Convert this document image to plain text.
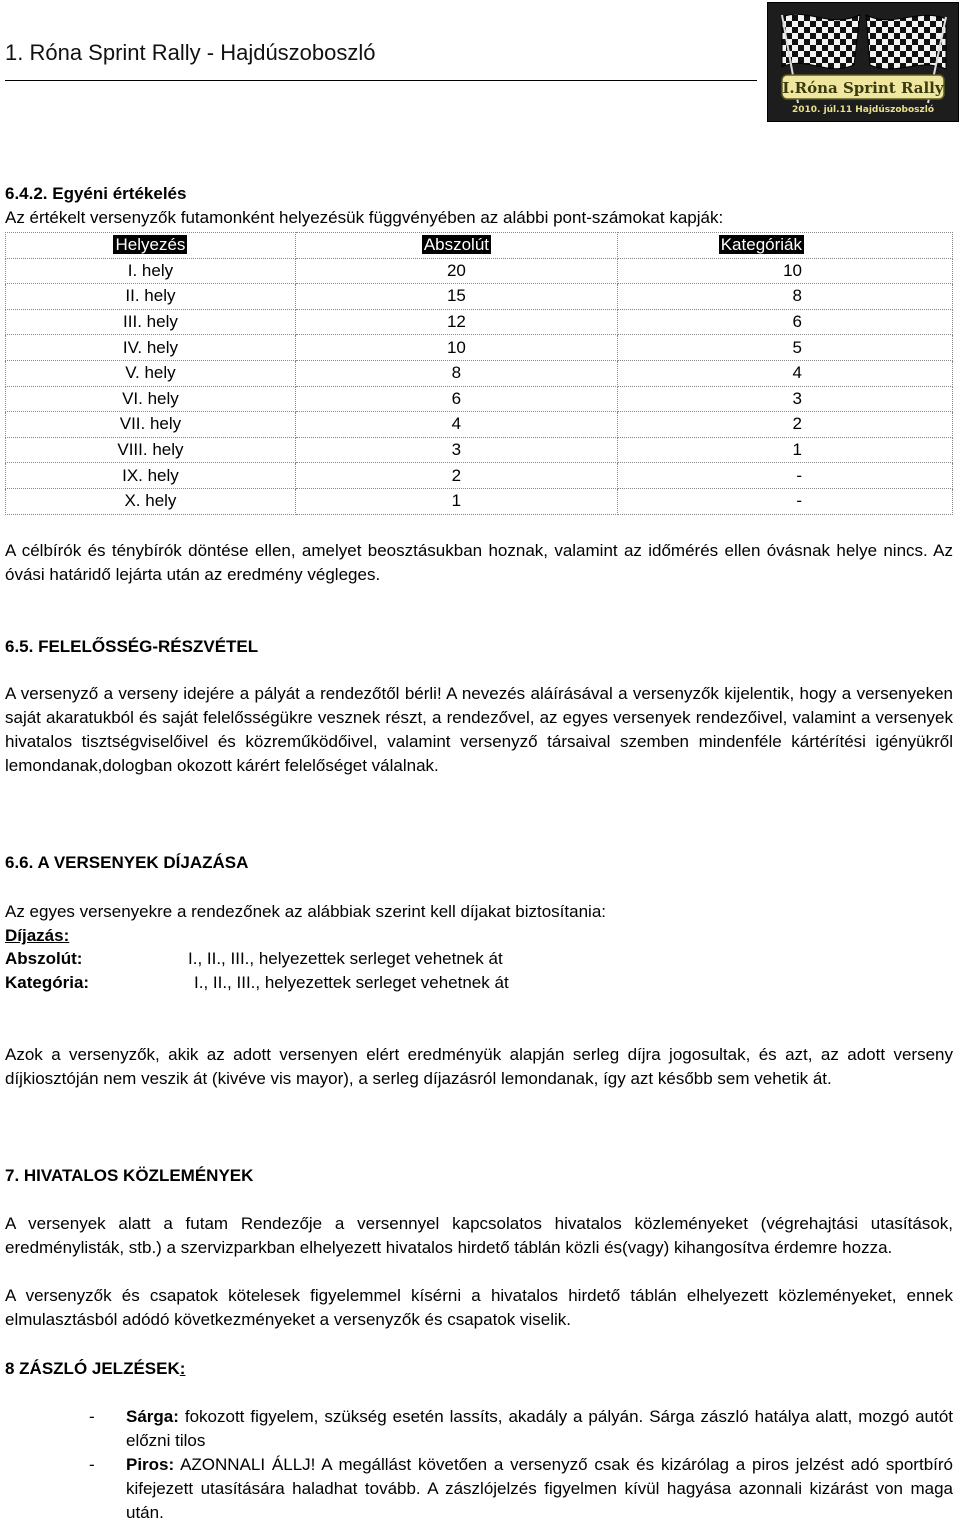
1. Róna Sprint Rally - Hajdúszoboszló
I.Róna Sprint Rally
2010. júl.11 Hajdúszoboszló
6.4.2. Egyéni értékelés
Az értékelt versenyzők futamonként helyezésük függvényében az alábbi pont-számokat kapják:
Helyezés	Abszolút	Kategóriák
I. hely	20	10
II. hely	15	8
III. hely	12	6
IV. hely	10	5
V. hely	8	4
VI. hely	6	3
VII. hely	4	2
VIII. hely	3	1
IX. hely	2	-
X. hely	1	-
A célbírók és ténybírók döntése ellen, amelyet beosztásukban hoznak, valamint az időmérés ellen óvásnak helye nincs. Az óvási határidő lejárta után az eredmény végleges.
6.5. FELELŐSSÉG-RÉSZVÉTEL
A versenyző a verseny idejére a pályát a rendezőtől bérli! A nevezés aláírásával a versenyzők kijelentik, hogy a versenyeken saját akaratukból és saját felelősségükre vesznek részt, a rendezővel, az egyes versenyek rendezőivel, valamint a versenyek hivatalos tisztségviselőivel és közreműködőivel, valamint versenyző társaival szemben mindenféle kártérítési igényükről lemondanak,dologban okozott kárért felelőséget válalnak.
6.6. A VERSENYEK DÍJAZÁSA
Az egyes versenyekre a rendezőnek az alábbiak szerint kell díjakat biztosítania:
Díjazás:
Abszolút:	I., II., III., helyezettek serleget vehetnek át
Kategória:	I., II., III., helyezettek serleget vehetnek át
Azok a versenyzők, akik az adott versenyen elért eredményük alapján serleg díjra jogosultak, és azt, az adott verseny díjkiosztóján nem veszik át (kivéve vis mayor), a serleg díjazásról lemondanak, így azt később sem vehetik át.
7. HIVATALOS KÖZLEMÉNYEK
A versenyek alatt a futam Rendezője a versennyel kapcsolatos hivatalos közleményeket (végrehajtási utasítások, eredménylisták, stb.) a szervizparkban elhelyezett hivatalos hirdető táblán közli és(vagy) kihangosítva érdemre hozza.
A versenyzők és csapatok kötelesek figyelemmel kísérni a hivatalos hirdető táblán elhelyezett közleményeket, ennek elmulasztásból adódó következményeket a versenyzők és csapatok viselik.
8 ZÁSZLÓ JELZÉSEK:
- Sárga: fokozott figyelem, szükség esetén lassíts, akadály a pályán. Sárga zászló hatálya alatt, mozgó autót előzni tilos
- Piros: AZONNALI ÁLLJ! A megállást követően a versenyző csak és kizárólag a piros jelzést adó sportbíró kifejezett utasítására haladhat tovább. A zászlójelzés figyelmen kívül hagyása azonnali kizárást von maga után.
